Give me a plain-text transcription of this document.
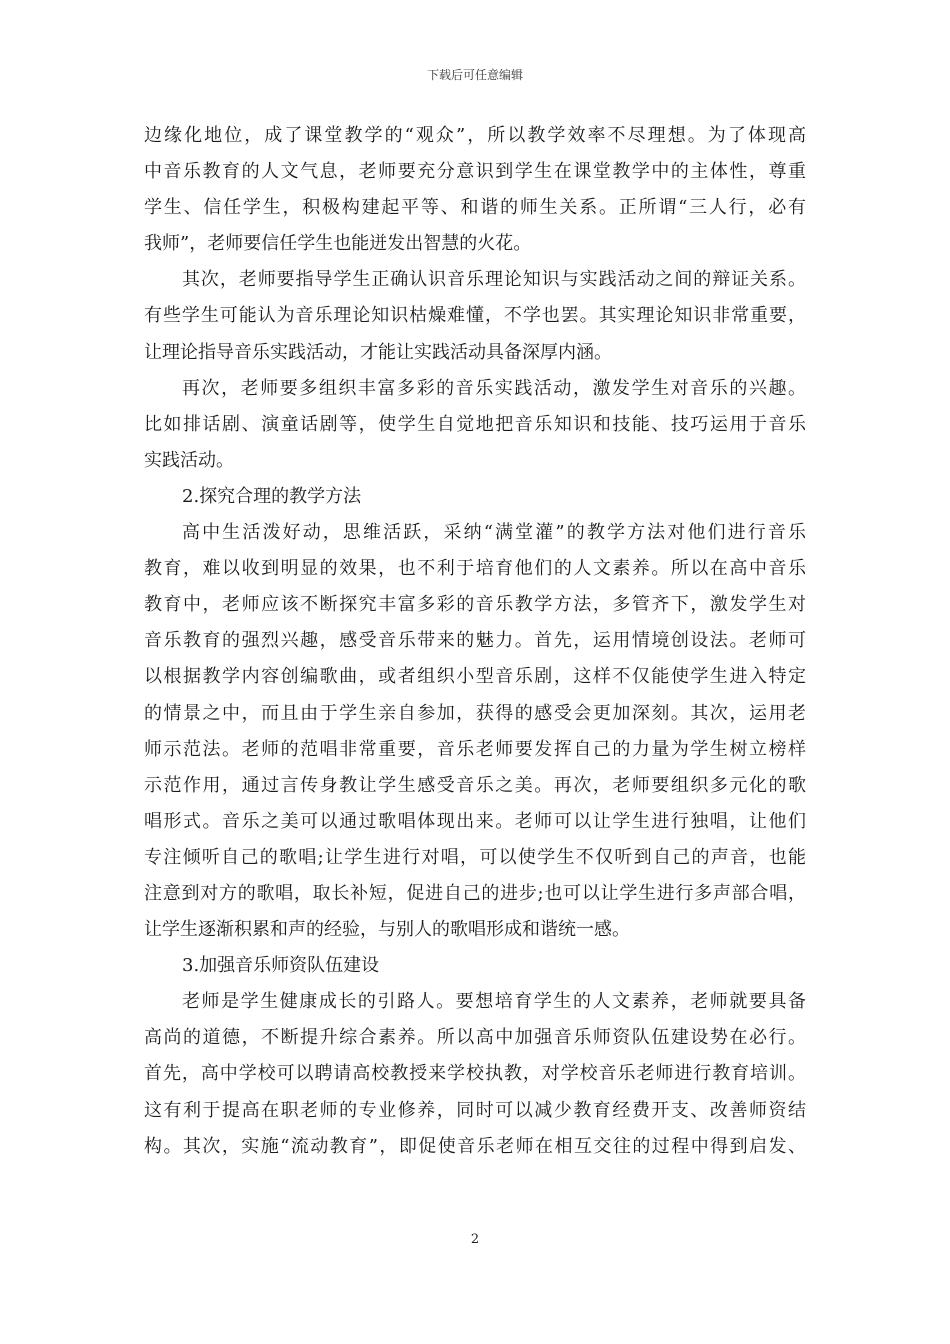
下载后可任意编辑
边缘化地位，成了课堂教学的“观众”，所以教学效率不尽理想。为了体现高
中音乐教育的人文气息，老师要充分意识到学生在课堂教学中的主体性，尊重
学生、信任学生，积极构建起平等、和谐的师生关系。正所谓“三人行，必有
我师”，老师要信任学生也能迸发出智慧的火花。
其次，老师要指导学生正确认识音乐理论知识与实践活动之间的辩证关系。
有些学生可能认为音乐理论知识枯燥难懂，不学也罢。其实理论知识非常重要，
让理论指导音乐实践活动，才能让实践活动具备深厚内涵。
再次，老师要多组织丰富多彩的音乐实践活动，激发学生对音乐的兴趣。
比如排话剧、演童话剧等，使学生自觉地把音乐知识和技能、技巧运用于音乐
实践活动。
2.探究合理的教学方法
高中生活泼好动，思维活跃，采纳“满堂灌”的教学方法对他们进行音乐
教育，难以收到明显的效果，也不利于培育他们的人文素养。所以在高中音乐
教育中，老师应该不断探究丰富多彩的音乐教学方法，多管齐下，激发学生对
音乐教育的强烈兴趣，感受音乐带来的魅力。首先，运用情境创设法。老师可
以根据教学内容创编歌曲，或者组织小型音乐剧，这样不仅能使学生进入特定
的情景之中，而且由于学生亲自参加，获得的感受会更加深刻。其次，运用老
师示范法。老师的范唱非常重要，音乐老师要发挥自己的力量为学生树立榜样
示范作用，通过言传身教让学生感受音乐之美。再次，老师要组织多元化的歌
唱形式。音乐之美可以通过歌唱体现出来。老师可以让学生进行独唱，让他们
专注倾听自己的歌唱;让学生进行对唱，可以使学生不仅听到自己的声音，也能
注意到对方的歌唱，取长补短，促进自己的进步;也可以让学生进行多声部合唱，
让学生逐渐积累和声的经验，与别人的歌唱形成和谐统一感。
3.加强音乐师资队伍建设
老师是学生健康成长的引路人。要想培育学生的人文素养，老师就要具备
高尚的道德，不断提升综合素养。所以高中加强音乐师资队伍建设势在必行。
首先，高中学校可以聘请高校教授来学校执教，对学校音乐老师进行教育培训。
这有利于提高在职老师的专业修养，同时可以减少教育经费开支、改善师资结
构。其次，实施“流动教育”，即促使音乐老师在相互交往的过程中得到启发、
2
